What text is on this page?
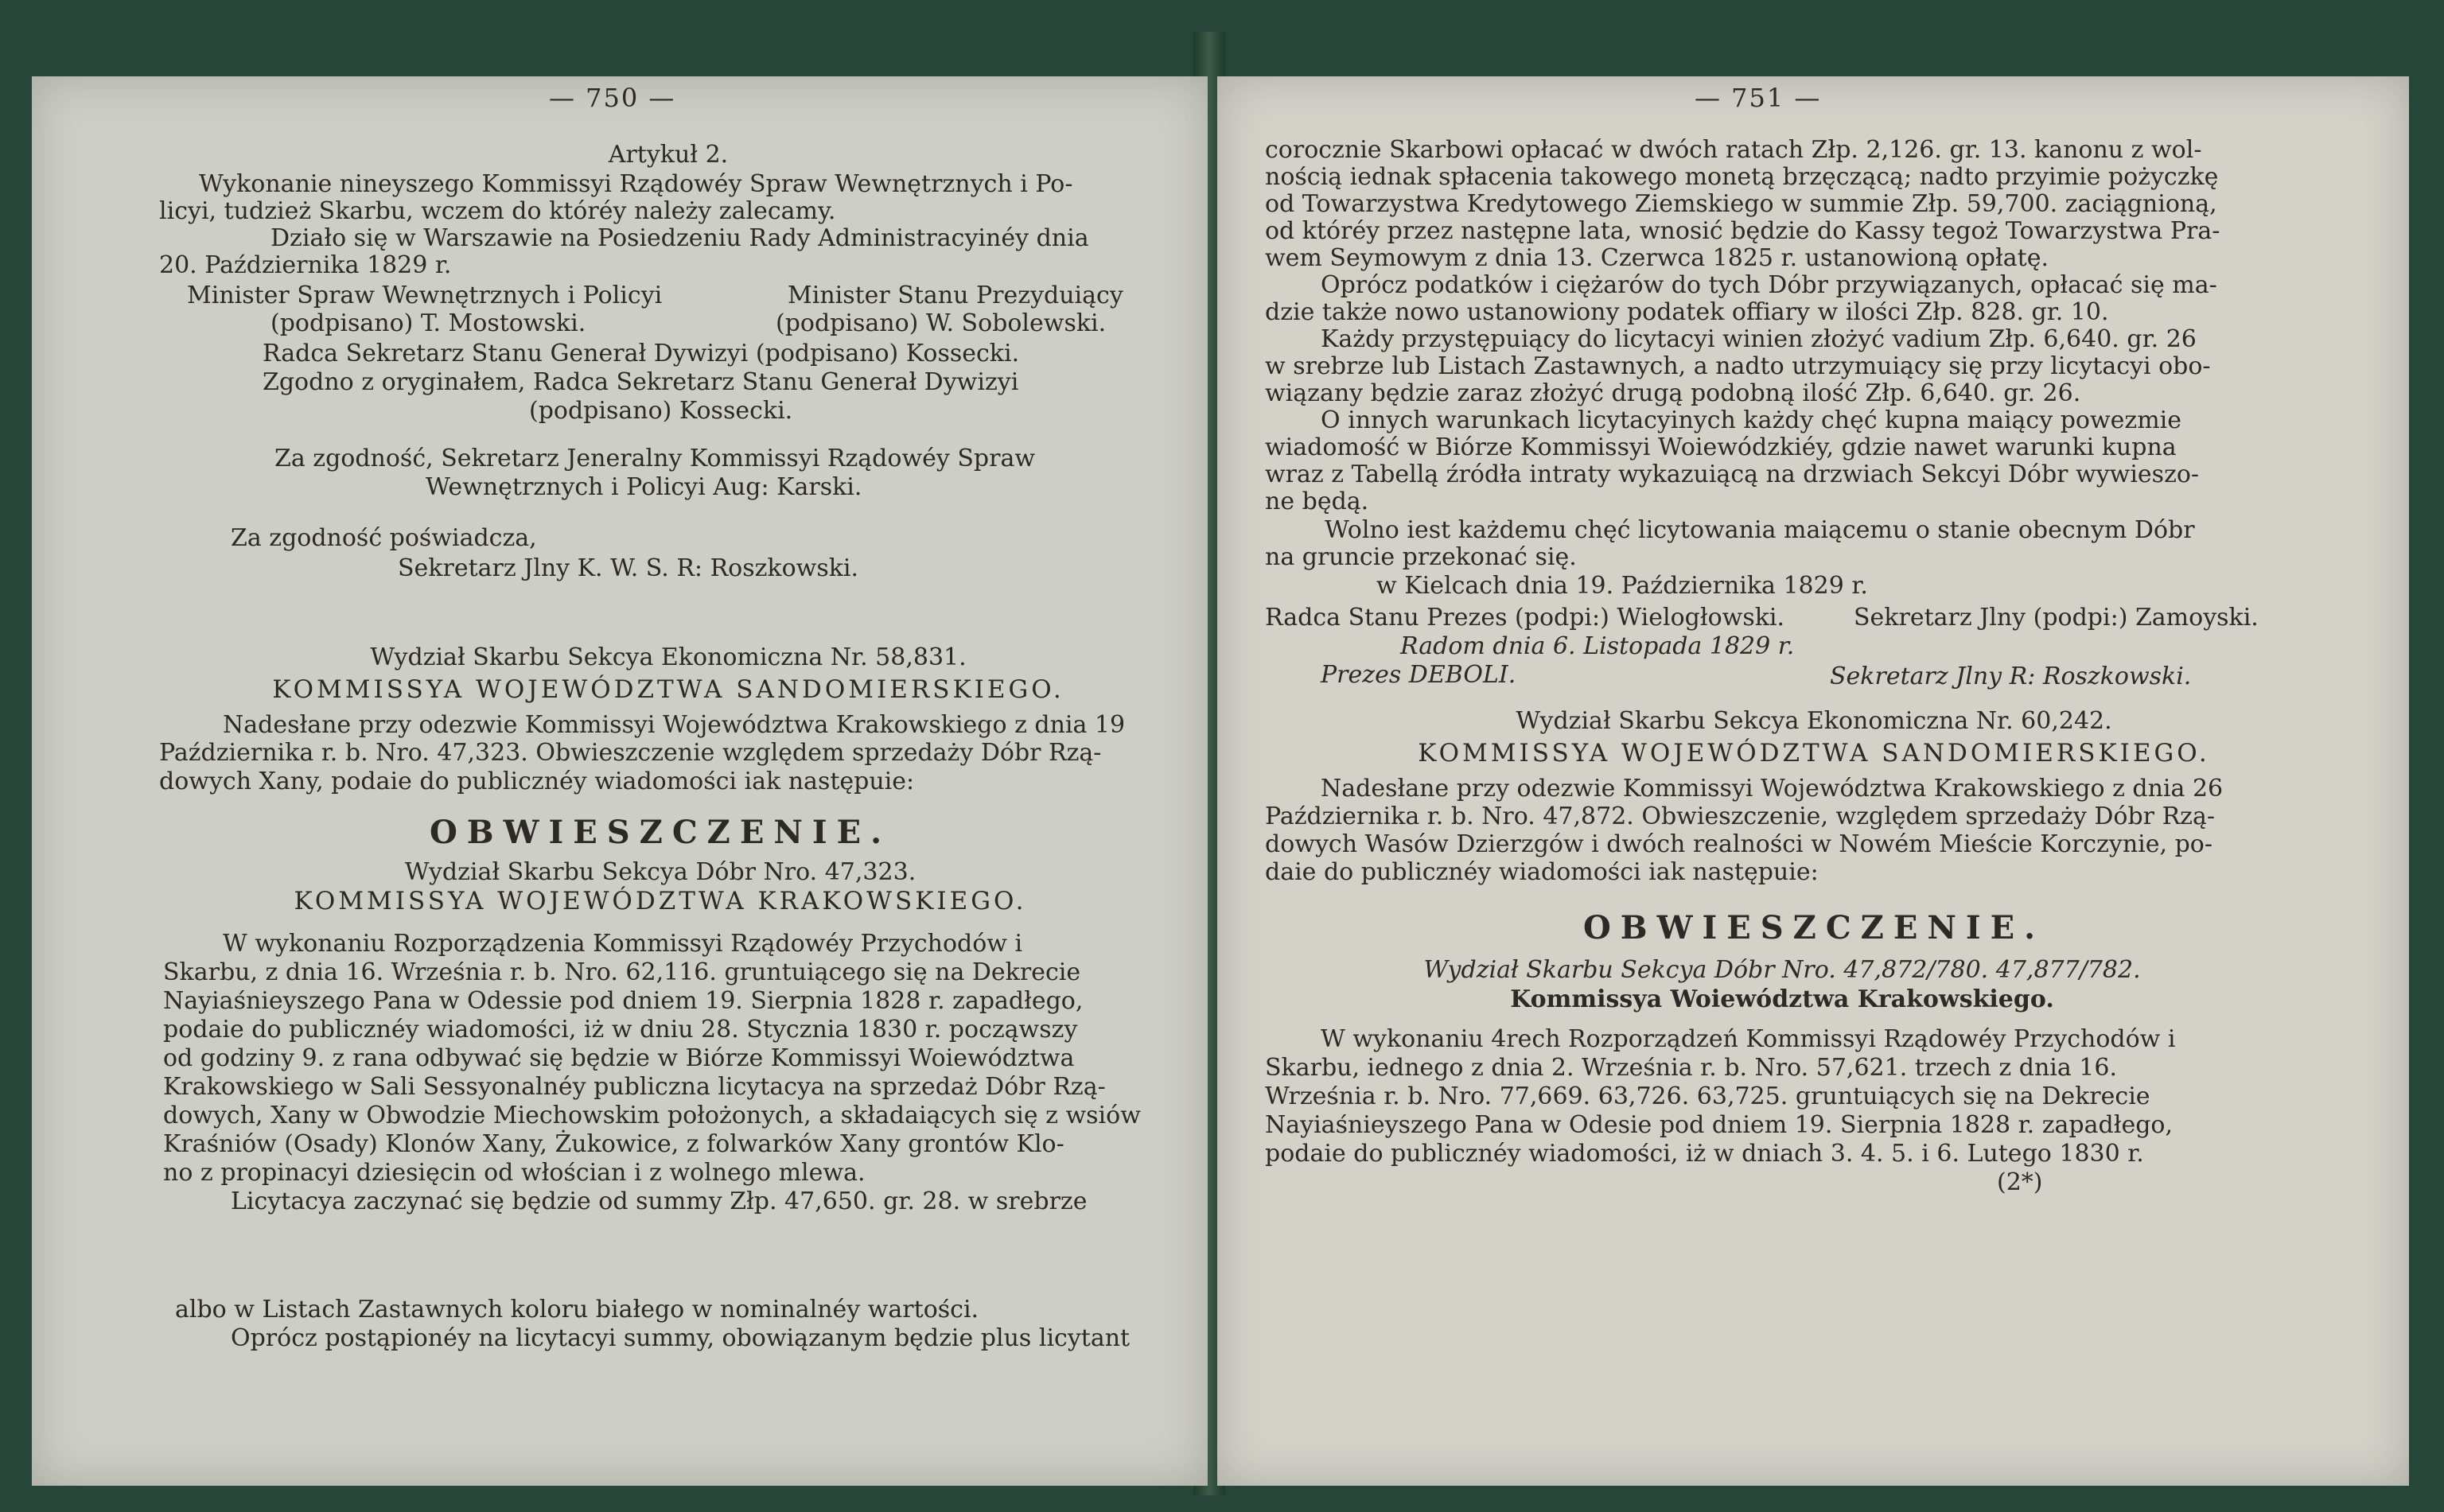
— 750 —
Artykuł 2.
Wykonanie nineyszego Kommissyi Rządowéy Spraw Wewnętrznych i Po-
licyi, tudzież Skarbu, wczem do któréy należy zalecamy.
Działo się w Warszawie na Posiedzeniu Rady Administracyinéy dnia
20. Października 1829 r.
Minister Spraw Wewnętrznych i Policyi	Minister Stanu Prezyduiący
(podpisano) T. Mostowski.	(podpisano) W. Sobolewski.
Radca Sekretarz Stanu Generał Dywizyi (podpisano) Kossecki.
Zgodno z oryginałem, Radca Sekretarz Stanu Generał Dywizyi
(podpisano) Kossecki.
Za zgodność, Sekretarz Jeneralny Kommissyi Rządowéy Spraw
Wewnętrznych i Policyi Aug: Karski.
Za zgodność poświadcza,
Sekretarz Jlny K. W. S. R: Roszkowski.
Wydział Skarbu Sekcya Ekonomiczna Nr. 58,831.
KOMMISSYA WOJEWÓDZTWA SANDOMIERSKIEGO.
Nadesłane przy odezwie Kommissyi Województwa Krakowskiego z dnia 19
Października r. b. Nro. 47,323. Obwieszczenie względem sprzedaży Dóbr Rzą-
dowych Xany, podaie do publicznéy wiadomości iak następuie:
OBWIESZCZENIE.
Wydział Skarbu Sekcya Dóbr Nro. 47,323.
KOMMISSYA WOJEWÓDZTWA KRAKOWSKIEGO.
W wykonaniu Rozporządzenia Kommissyi Rządowéy Przychodów i
Skarbu, z dnia 16. Września r. b. Nro. 62,116. gruntuiącego się na Dekrecie
Nayiaśnieyszego Pana w Odessie pod dniem 19. Sierpnia 1828 r. zapadłego,
podaie do publicznéy wiadomości, iż w dniu 28. Stycznia 1830 r. począwszy
od godziny 9. z rana odbywać się będzie w Biórze Kommissyi Woiewództwa
Krakowskiego w Sali Sessyonalnéy publiczna licytacya na sprzedaż Dóbr Rzą-
dowych, Xany w Obwodzie Miechowskim położonych, a składaiących się z wsiów
Kraśniów (Osady) Klonów Xany, Żukowice, z folwarków Xany grontów Klo-
no z propinacyi dziesięcin od włościan i z wolnego mlewa.
Licytacya zaczynać się będzie od summy Złp. 47,650. gr. 28. w srebrze
albo w Listach Zastawnych koloru białego w nominalnéy wartości.
Oprócz postąpionéy na licytacyi summy, obowiązanym będzie plus licytant
— 751 —
corocznie Skarbowi opłacać w dwóch ratach Złp. 2,126. gr. 13. kanonu z wol-
nością iednak spłacenia takowego monetą brzęczącą; nadto przyimie pożyczkę
od Towarzystwa Kredytowego Ziemskiego w summie Złp. 59,700. zaciągnioną,
od któréy przez następne lata, wnosić będzie do Kassy tegoż Towarzystwa Pra-
wem Seymowym z dnia 13. Czerwca 1825 r. ustanowioną opłatę.
Oprócz podatków i ciężarów do tych Dóbr przywiązanych, opłacać się ma-
dzie także nowo ustanowiony podatek offiary w ilości Złp. 828. gr. 10.
Każdy przystępuiący do licytacyi winien złożyć vadium Złp. 6,640. gr. 26
w srebrze lub Listach Zastawnych, a nadto utrzymuiący się przy licytacyi obo-
wiązany będzie zaraz złożyć drugą podobną ilość Złp. 6,640. gr. 26.
O innych warunkach licytacyinych każdy chęć kupna maiący powezmie
wiadomość w Biórze Kommissyi Woiewódzkiéy, gdzie nawet warunki kupna
wraz z Tabellą źródła intraty wykazuiącą na drzwiach Sekcyi Dóbr wywieszo-
ne będą.
Wolno iest każdemu chęć licytowania maiącemu o stanie obecnym Dóbr
na gruncie przekonać się.
w Kielcach dnia 19. Października 1829 r.
Radca Stanu Prezes (podpi:) Wielogłowski.	Sekretarz Jlny (podpi:) Zamoyski.
Radom dnia 6. Listopada 1829 r.
Prezes DEBOLI.	Sekretarz Jlny R: Roszkowski.
Wydział Skarbu Sekcya Ekonomiczna Nr. 60,242.
KOMMISSYA WOJEWÓDZTWA SANDOMIERSKIEGO.
Nadesłane przy odezwie Kommissyi Województwa Krakowskiego z dnia 26
Października r. b. Nro. 47,872. Obwieszczenie, względem sprzedaży Dóbr Rzą-
dowych Wasów Dzierzgów i dwóch realności w Nowém Mieście Korczynie, po-
daie do publicznéy wiadomości iak następuie:
OBWIESZCZENIE.
Wydział Skarbu Sekcya Dóbr Nro. 47,872/780. 47,877/782.
Kommissya Woiewództwa Krakowskiego.
W wykonaniu 4rech Rozporządzeń Kommissyi Rządowéy Przychodów i
Skarbu, iednego z dnia 2. Września r. b. Nro. 57,621. trzech z dnia 16.
Września r. b. Nro. 77,669. 63,726. 63,725. gruntuiących się na Dekrecie
Nayiaśnieyszego Pana w Odesie pod dniem 19. Sierpnia 1828 r. zapadłego,
podaie do publicznéy wiadomości, iż w dniach 3. 4. 5. i 6. Lutego 1830 r.
(2*)
